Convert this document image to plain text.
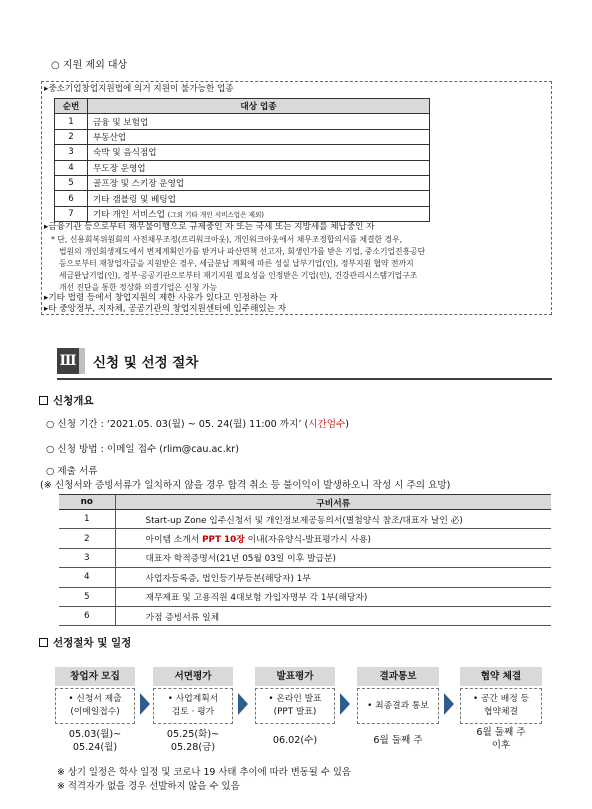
○ 지원 제외 대상
▸중소기업창업지원법에 의거 지원이 불가능한 업종
순번	대상 업종
1	금융 및 보험업
2	부동산업
3	숙박 및 음식점업
4	무도장 운영업
5	골프장 및 스키장 운영업
6	기타 갬블링 및 베팅업
7	기타 개인 서비스업 (그외 기타 개인 서비스업은 제외)
▸금융기관 등으로부터 채무불이행으로 규제중인 자 또는 국세 또는 지방세를 체납중인 자
* 단, 신용회복위원회의 사전채무조정(프리워크아웃), 개인워크아웃에서 채무조정합의서를 체결한 경우,
법원의 개인회생제도에서 변제계획인가를 받거나 파산면책 선고자, 회생인가를 받은 기업, 중소기업진흥공단
등으로부터 재창업자금을 지원받은 경우, 세금분납 계획에 따른 성실 납부기업(인), 정부지원 협약 전까지
세금완납기업(인), 정부·공공기관으로부터 재기지원 필요성을 인정받은 기업(인), 건강관리시스템기업구조
개선 진단을 통한 정상화 의결기업은 신청 가능
▸기타 법령 등에서 창업지원의 제한 사유가 있다고 인정하는 자
▸타 중앙정부, 지자체, 공공기관의 창업지원센터에 입주해있는 자
Ⅲ 신청 및 선정 절차
신청개요
○ 신청 기간 : ‘2021.05. 03(월) ~ 05. 24(월) 11:00 까지’ (시간엄수)
○ 신청 방법 : 이메일 접수 (rlim@cau.ac.kr)
○ 제출 서류
(※ 신청서와 증빙서류가 일치하지 않을 경우 합격 취소 등 불이익이 발생하오니 작성 시 주의 요망)
no	구비서류
1	Start-up Zone 입주신청서 및 개인정보제공동의서(별첨양식 참조/대표자 날인 必)
2	아이템 소개서 PPT 10장 이내(자유양식-발표평가시 사용)
3	대표자 학적증명서(21년 05월 03일 이후 발급분)
4	사업자등록증, 법인등기부등본(해당자) 1부
5	재무제표 및 고용직원 4대보험 가입자명부 각 1부(해당자)
6	가점 증빙서류 일체
선정절차 및 일정
창업자 모집
• 신청서 제출
(이메일접수)
05.03(월)~
05.24(월)
서면평가
• 사업계획서
검토 · 평가
05.25(화)~
05.28(금)
발표평가
• 온라인 발표
(PPT 발표)
06.02(수)
결과통보
• 최종결과 통보
6월 둘째 주
협약 체결
• 공간 배정 등
협약체결
6월 둘째 주
이후
※ 상기 일정은 학사 일정 및 코로나 19 사태 추이에 따라 변동될 수 있음
※ 적격자가 없을 경우 선발하지 않을 수 있음
